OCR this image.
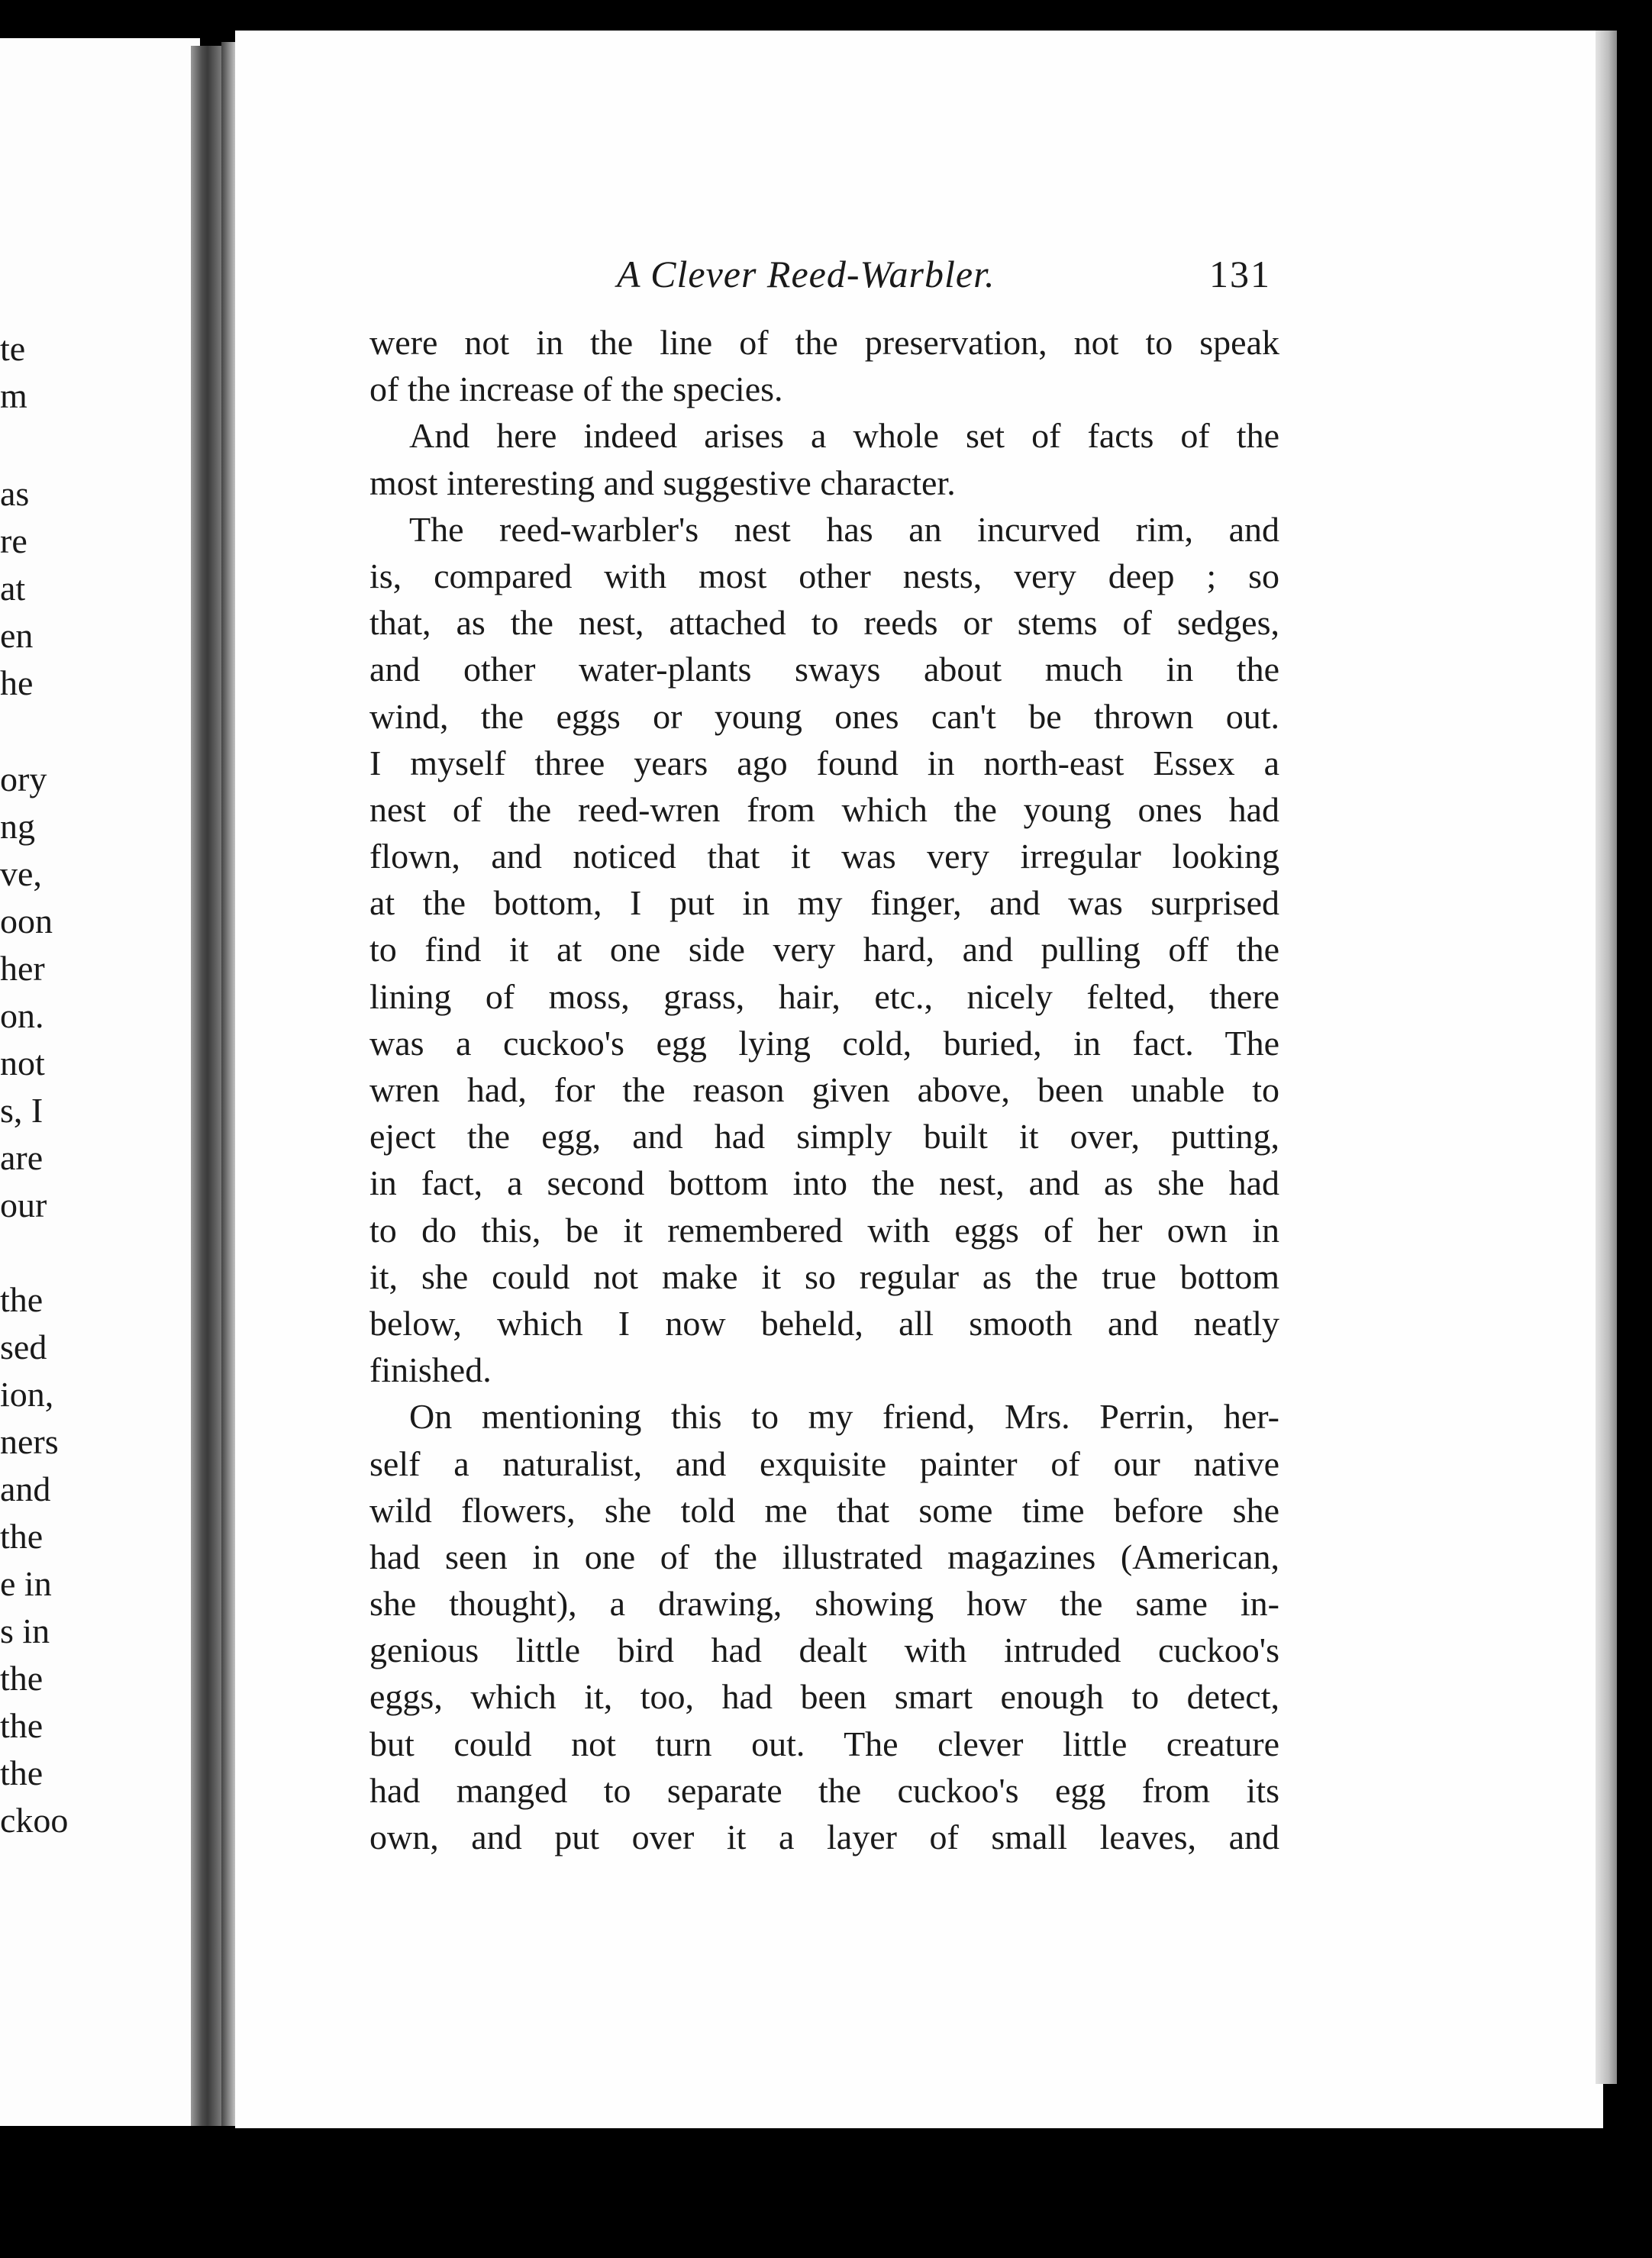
te
m
as
re
at
en
he
ory
ng
ve,
oon
her
on.
not
s, I
are
our
the
sed
ion,
ners
and
the
e in
s in
the
the
the
ckoo
A Clever Reed-Warbler.	131
were not in the line of the preservation, not to speak
of the increase of the species.
And here indeed arises a whole set of facts of the
most interesting and suggestive character.
The reed-warbler's nest has an incurved rim, and
is, compared with most other nests, very deep ; so
that, as the nest, attached to reeds or stems of sedges,
and other water-plants sways about much in the
wind, the eggs or young ones can't be thrown out.
I myself three years ago found in north-east Essex a
nest of the reed-wren from which the young ones had
flown, and noticed that it was very irregular looking
at the bottom, I put in my finger, and was surprised
to find it at one side very hard, and pulling off the
lining of moss, grass, hair, etc., nicely felted, there
was a cuckoo's egg lying cold, buried, in fact. The
wren had, for the reason given above, been unable to
eject the egg, and had simply built it over, putting,
in fact, a second bottom into the nest, and as she had
to do this, be it remembered with eggs of her own in
it, she could not make it so regular as the true bottom
below, which I now beheld, all smooth and neatly
finished.
On mentioning this to my friend, Mrs. Perrin, her-
self a naturalist, and exquisite painter of our native
wild flowers, she told me that some time before she
had seen in one of the illustrated magazines (American,
she thought), a drawing, showing how the same in-
genious little bird had dealt with intruded cuckoo's
eggs, which it, too, had been smart enough to detect,
but could not turn out. The clever little creature
had manged to separate the cuckoo's egg from its
own, and put over it a layer of small leaves, and
